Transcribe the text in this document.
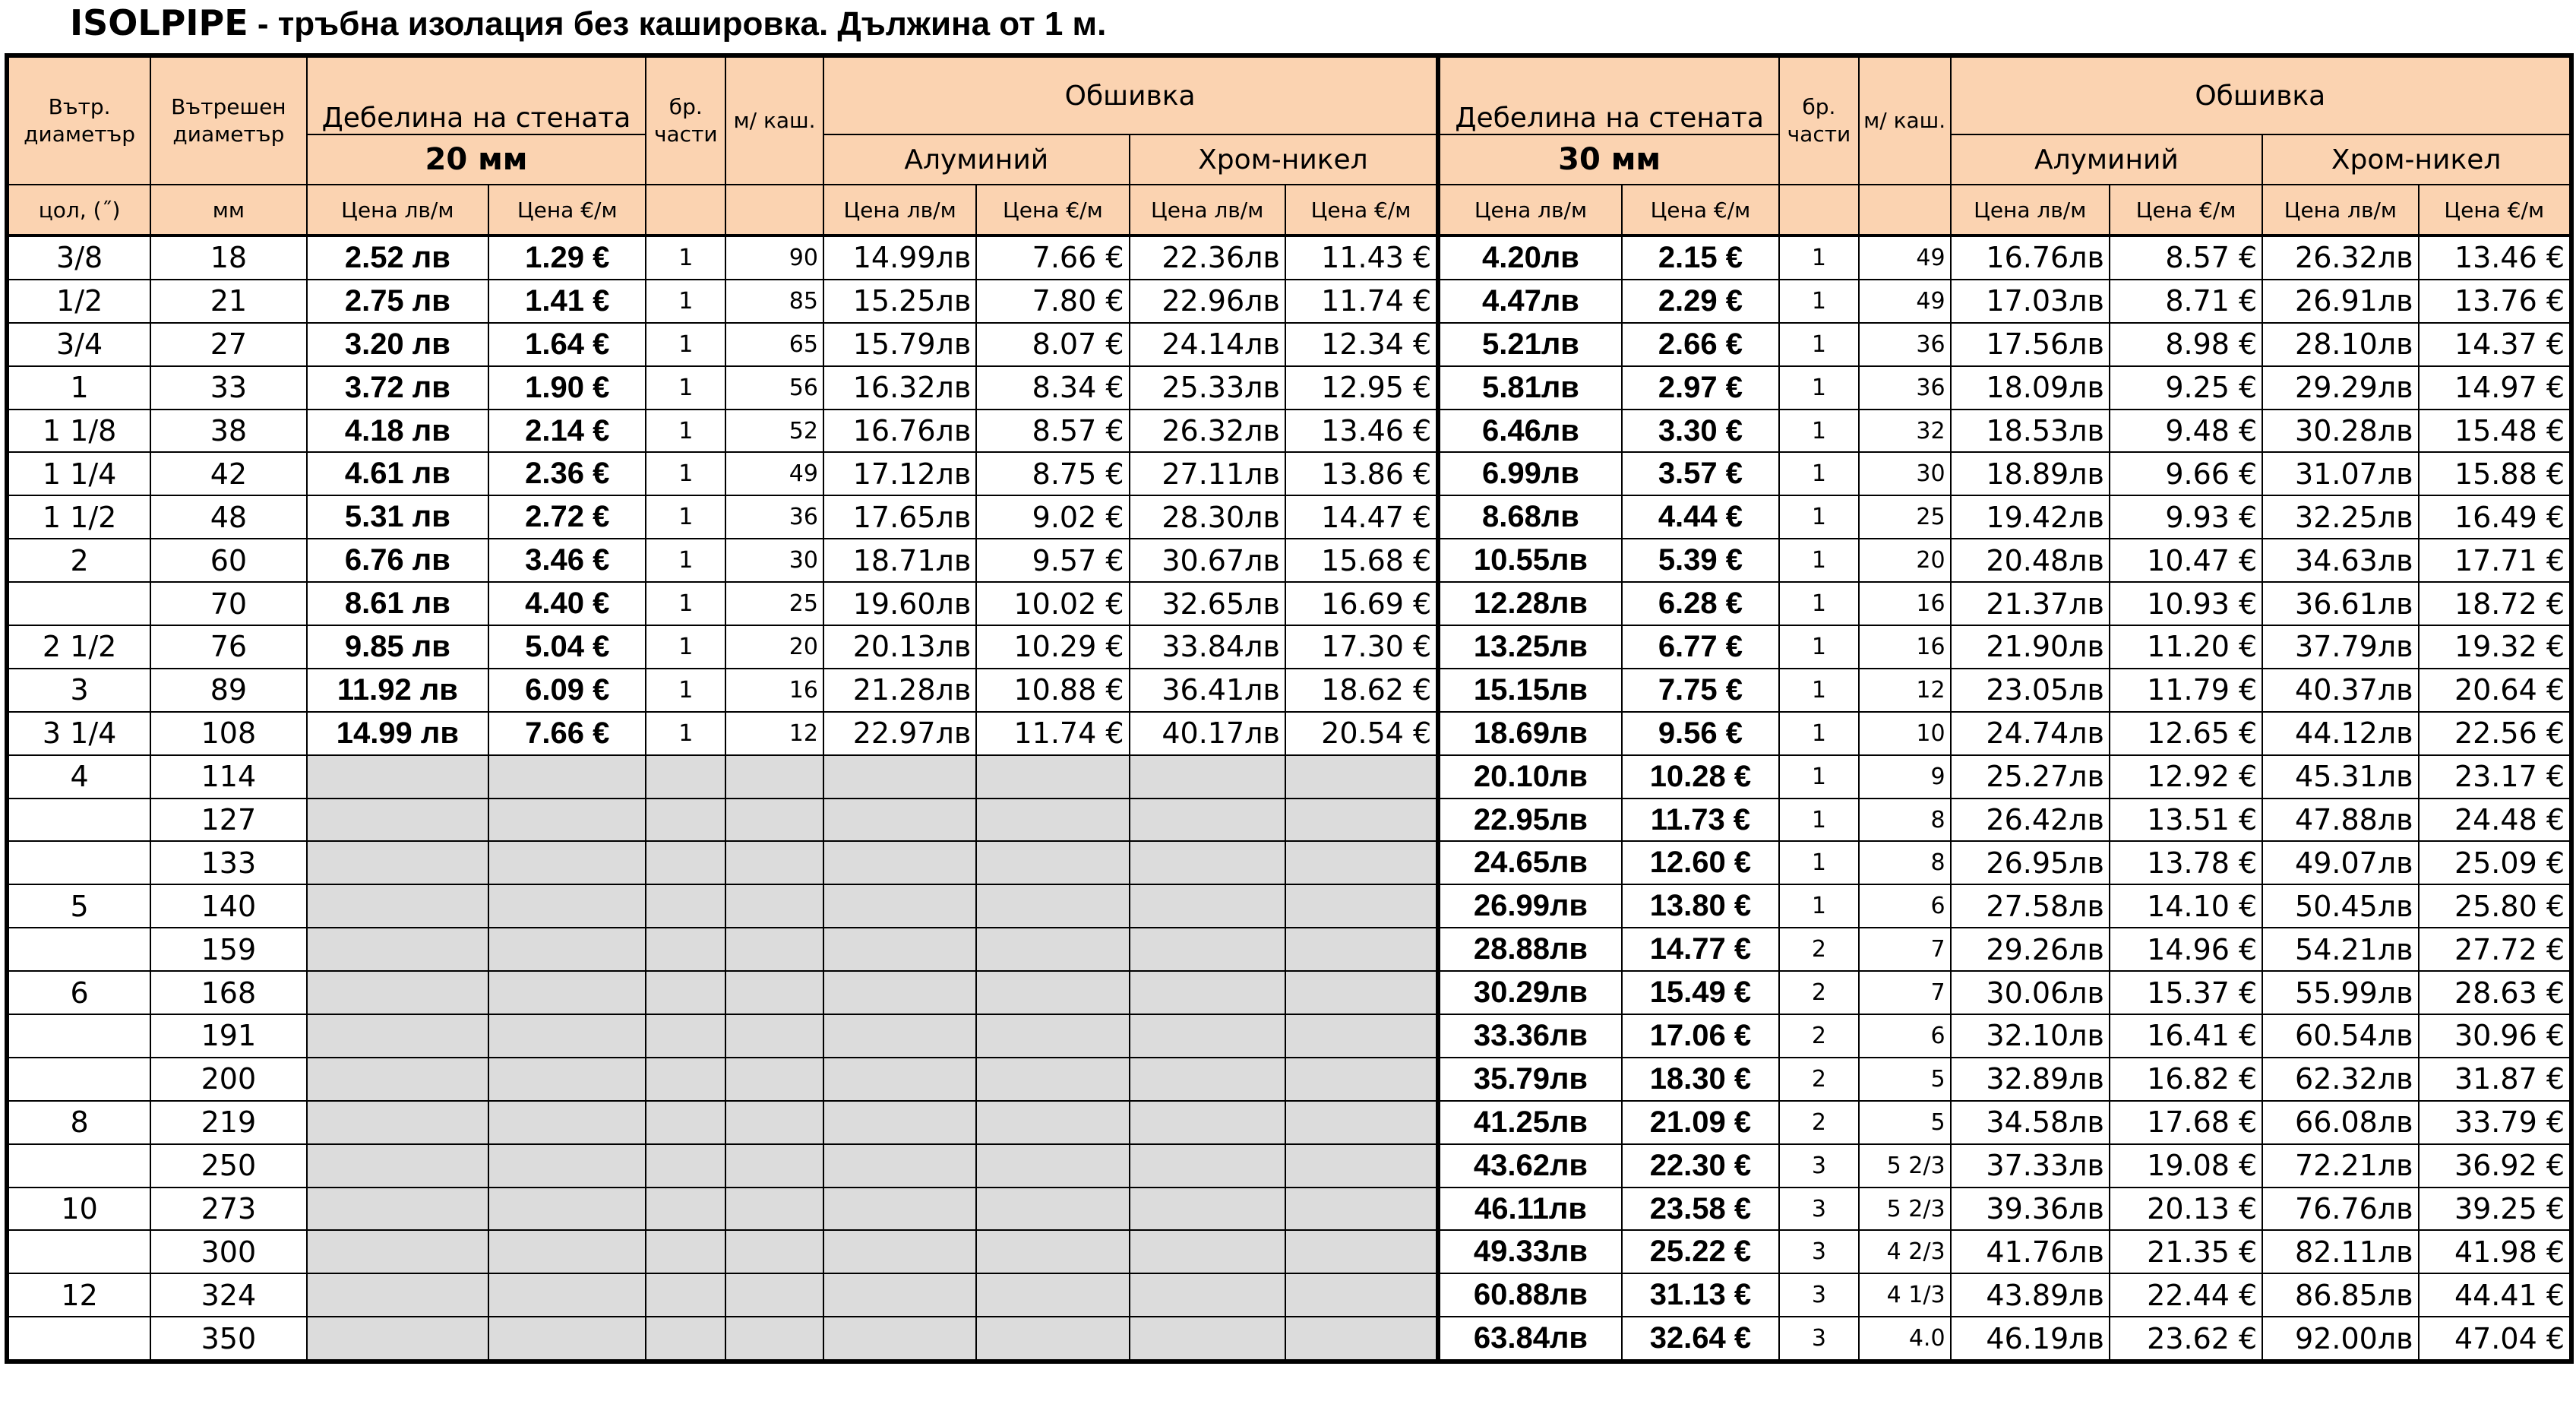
ISOLPIPE - тръбна изолация без кашировка. Дължина от 1 м.
Вътр. диаметър	Вътрешен диаметър	Дебелина на стената		бр. части	м/ каш.	Обшивка				Дебелина на стената		бр. части	м/ каш.	Обшивка			
		20 мм				Алуминий		Хром-никел		30 мм				Алуминий		Хром-никел	
цол, (˝)	мм	Цена лв/м	Цена €/м			Цена лв/м	Цена €/м	Цена лв/м	Цена €/м	Цена лв/м	Цена €/м			Цена лв/м	Цена €/м	Цена лв/м	Цена €/м
3/8	18	2.52 лв	1.29 €	1	90	14.99лв	7.66 €	22.36лв	11.43 €	4.20лв	2.15 €	1	49	16.76лв	8.57 €	26.32лв	13.46 €
1/2	21	2.75 лв	1.41 €	1	85	15.25лв	7.80 €	22.96лв	11.74 €	4.47лв	2.29 €	1	49	17.03лв	8.71 €	26.91лв	13.76 €
3/4	27	3.20 лв	1.64 €	1	65	15.79лв	8.07 €	24.14лв	12.34 €	5.21лв	2.66 €	1	36	17.56лв	8.98 €	28.10лв	14.37 €
1	33	3.72 лв	1.90 €	1	56	16.32лв	8.34 €	25.33лв	12.95 €	5.81лв	2.97 €	1	36	18.09лв	9.25 €	29.29лв	14.97 €
1 1/8	38	4.18 лв	2.14 €	1	52	16.76лв	8.57 €	26.32лв	13.46 €	6.46лв	3.30 €	1	32	18.53лв	9.48 €	30.28лв	15.48 €
1 1/4	42	4.61 лв	2.36 €	1	49	17.12лв	8.75 €	27.11лв	13.86 €	6.99лв	3.57 €	1	30	18.89лв	9.66 €	31.07лв	15.88 €
1 1/2	48	5.31 лв	2.72 €	1	36	17.65лв	9.02 €	28.30лв	14.47 €	8.68лв	4.44 €	1	25	19.42лв	9.93 €	32.25лв	16.49 €
2	60	6.76 лв	3.46 €	1	30	18.71лв	9.57 €	30.67лв	15.68 €	10.55лв	5.39 €	1	20	20.48лв	10.47 €	34.63лв	17.71 €
	70	8.61 лв	4.40 €	1	25	19.60лв	10.02 €	32.65лв	16.69 €	12.28лв	6.28 €	1	16	21.37лв	10.93 €	36.61лв	18.72 €
2 1/2	76	9.85 лв	5.04 €	1	20	20.13лв	10.29 €	33.84лв	17.30 €	13.25лв	6.77 €	1	16	21.90лв	11.20 €	37.79лв	19.32 €
3	89	11.92 лв	6.09 €	1	16	21.28лв	10.88 €	36.41лв	18.62 €	15.15лв	7.75 €	1	12	23.05лв	11.79 €	40.37лв	20.64 €
3 1/4	108	14.99 лв	7.66 €	1	12	22.97лв	11.74 €	40.17лв	20.54 €	18.69лв	9.56 €	1	10	24.74лв	12.65 €	44.12лв	22.56 €
4	114									20.10лв	10.28 €	1	9	25.27лв	12.92 €	45.31лв	23.17 €
	127									22.95лв	11.73 €	1	8	26.42лв	13.51 €	47.88лв	24.48 €
	133									24.65лв	12.60 €	1	8	26.95лв	13.78 €	49.07лв	25.09 €
5	140									26.99лв	13.80 €	1	6	27.58лв	14.10 €	50.45лв	25.80 €
	159									28.88лв	14.77 €	2	7	29.26лв	14.96 €	54.21лв	27.72 €
6	168									30.29лв	15.49 €	2	7	30.06лв	15.37 €	55.99лв	28.63 €
	191									33.36лв	17.06 €	2	6	32.10лв	16.41 €	60.54лв	30.96 €
	200									35.79лв	18.30 €	2	5	32.89лв	16.82 €	62.32лв	31.87 €
8	219									41.25лв	21.09 €	2	5	34.58лв	17.68 €	66.08лв	33.79 €
	250									43.62лв	22.30 €	3	5 2/3	37.33лв	19.08 €	72.21лв	36.92 €
10	273									46.11лв	23.58 €	3	5 2/3	39.36лв	20.13 €	76.76лв	39.25 €
	300									49.33лв	25.22 €	3	4 2/3	41.76лв	21.35 €	82.11лв	41.98 €
12	324									60.88лв	31.13 €	3	4 1/3	43.89лв	22.44 €	86.85лв	44.41 €
	350									63.84лв	32.64 €	3	4.0	46.19лв	23.62 €	92.00лв	47.04 €
